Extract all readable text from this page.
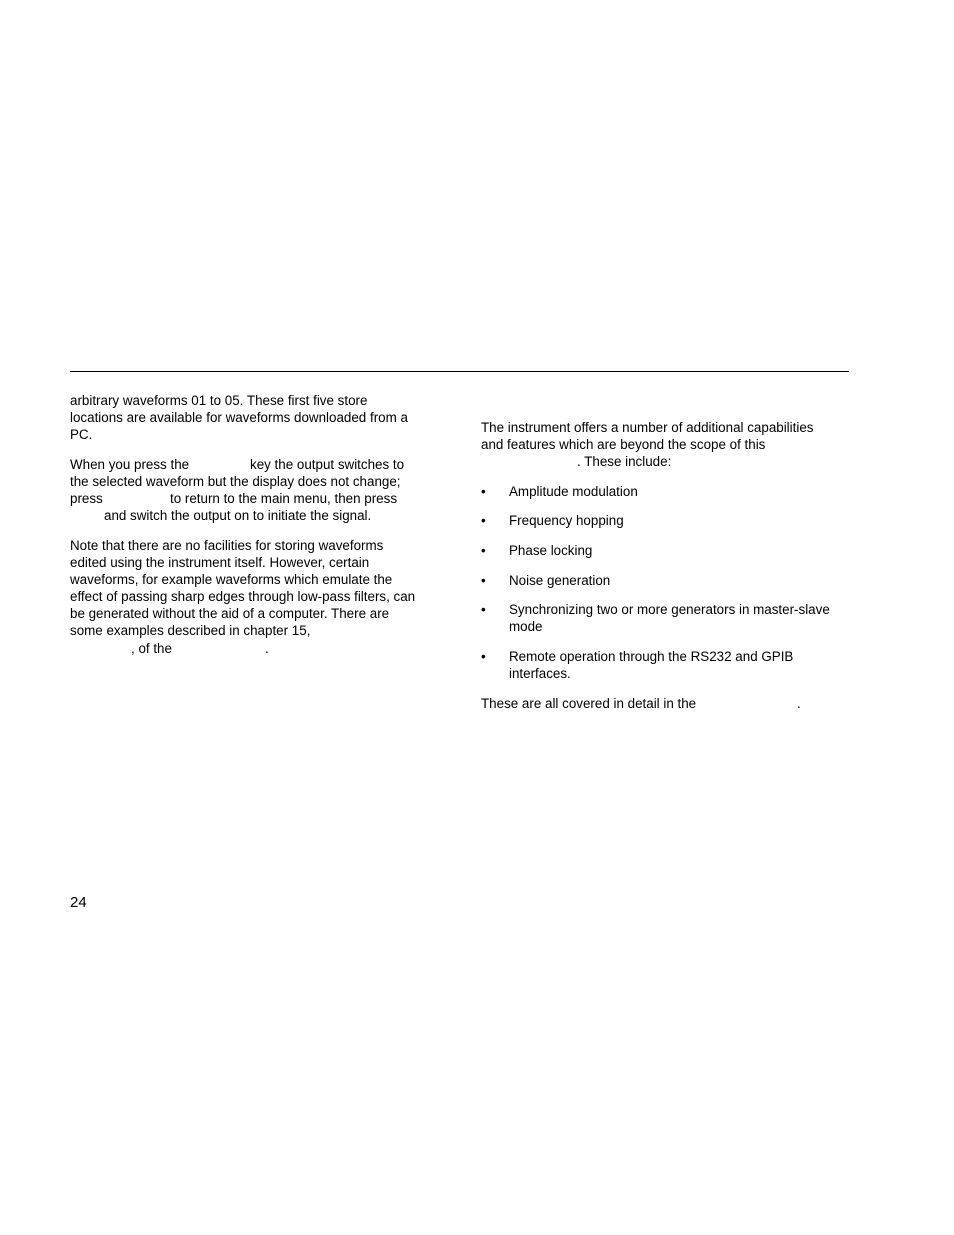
arbitrary waveforms 01 to 05. These first five store
locations are available for waveforms downloaded from a
PC.
When you press the	key the output switches to
the selected waveform but the display does not change;
press	to return to the main menu, then press
and switch the output on to initiate the signal.
Note that there are no facilities for storing waveforms
edited using the instrument itself. However, certain
waveforms, for example waveforms which emulate the
effect of passing sharp edges through low-pass filters, can
be generated without the aid of a computer. There are
some examples described in chapter 15,
, of the	.
The instrument offers a number of additional capabilities
and features which are beyond the scope of this
. These include:
• Amplitude modulation
• Frequency hopping
• Phase locking
• Noise generation
• Synchronizing two or more generators in master-slave
mode
• Remote operation through the RS232 and GPIB
interfaces.
These are all covered in detail in the	.
24
